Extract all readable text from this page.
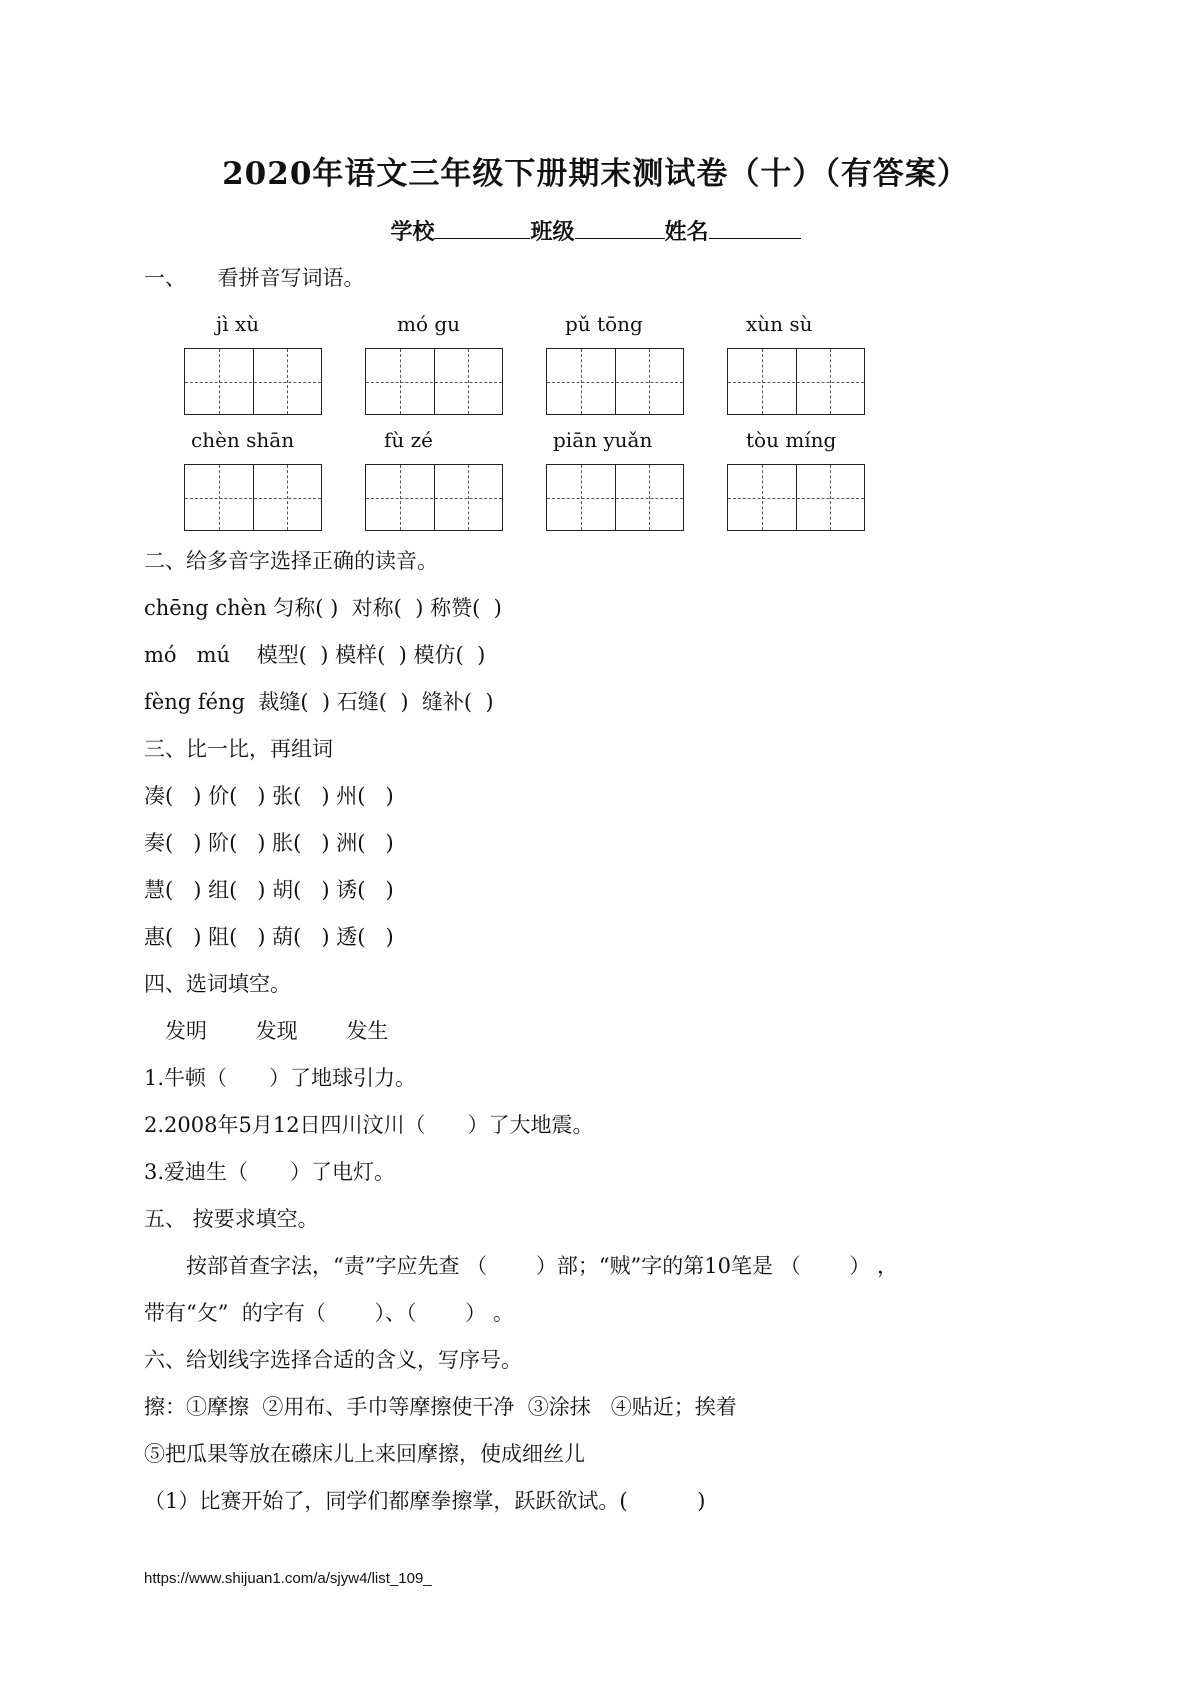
2020年语文三年级下册期末测试卷（十）（有答案）
学校	班级	姓名
一、　　看拼音写词语。
jì xù	mó gu	pǔ tōng	xùn sù
chèn shān	fù zé	piān yuǎn	tòu míng
二、给多音字选择正确的读音。
chēng chèn 匀称( )  对称(  ) 称赞(  )
mó   mú    模型(  ) 模样(  ) 模仿(  )
fèng féng  裁缝(  ) 石缝(  )  缝补(  )
三、比一比，再组词
凑(   ) 价(   ) 张(   ) 州(   )
奏(   ) 阶(   ) 胀(   ) 洲(   )
慧(   ) 组(   ) 胡(   ) 诱(   )
惠(   ) 阻(   ) 葫(   ) 透(   )
四、选词填空。
　发明　　 发现　　 发生
1.牛顿（　　）了地球引力。
2.2008年5月12日四川汶川（　　）了大地震。
3.爱迪生（　　）了电灯。
五、 按要求填空。
　　按部首查字法，“责”字应先查 （　　 ）部；“贼”字的第10笔是 （　　 ） ，
带有“攵”  的字有（　　 ）、（　　 ） 。
六、给划线字选择合适的含义，写序号。
擦：①摩擦  ②用布、手巾等摩擦使干净  ③涂抹   ④贴近；挨着
⑤把瓜果等放在礤床儿上来回摩擦，使成细丝儿
（1）比赛开始了，同学们都摩拳擦掌，跃跃欲试。(　　　 )
https://www.shijuan1.com/a/sjyw4/list_109_
